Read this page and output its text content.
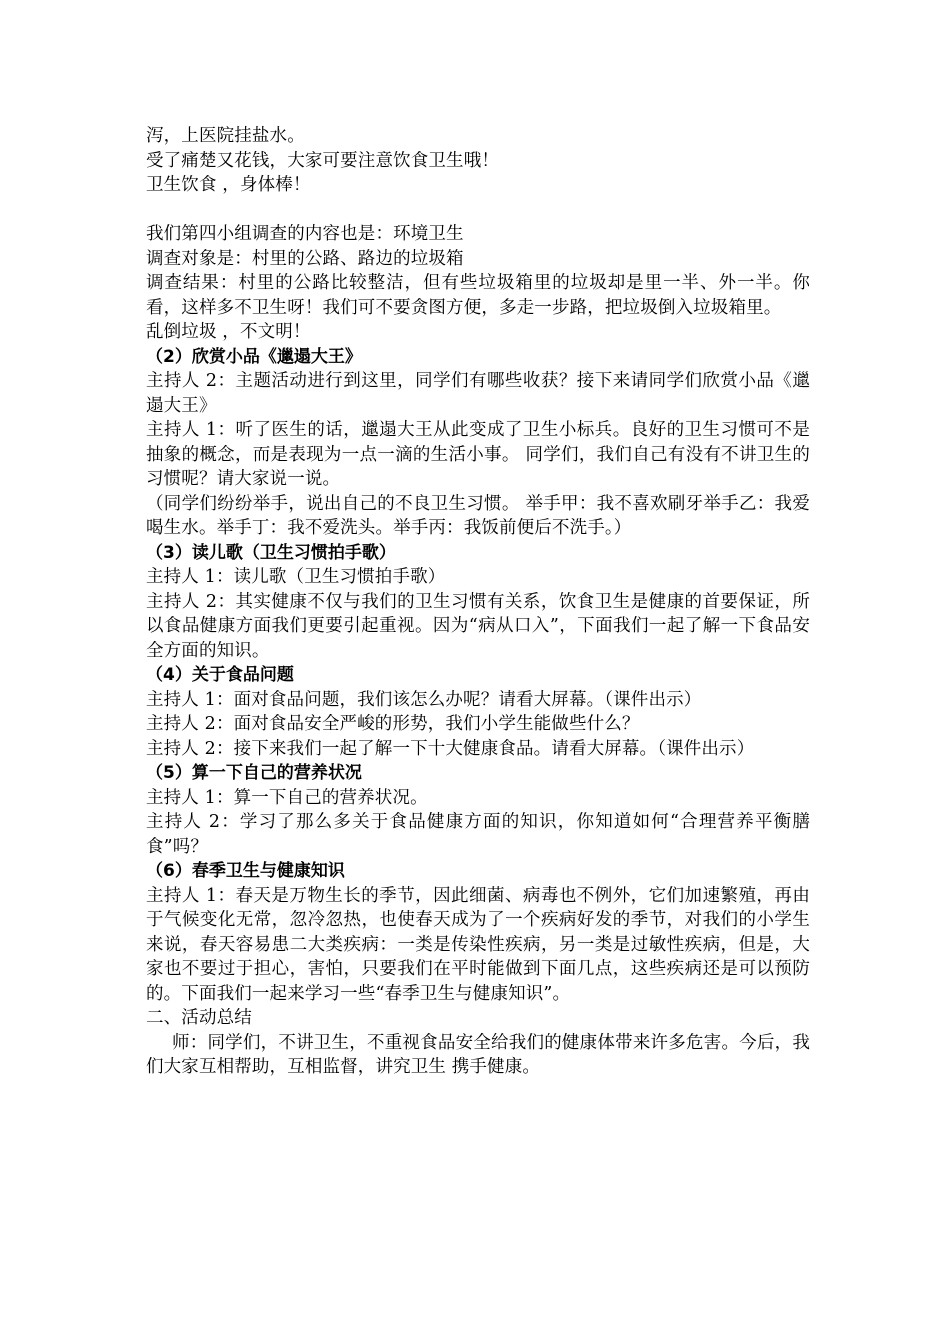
泻，上医院挂盐水。
受了痛楚又花钱，大家可要注意饮食卫生哦！
卫生饮食 ，身体棒！
我们第四小组调查的内容也是：环境卫生
调查对象是：村里的公路、路边的垃圾箱
调查结果：村里的公路比较整洁，但有些垃圾箱里的垃圾却是里一半、外一半。你看，这样多不卫生呀！我们可不要贪图方便，多走一步路，把垃圾倒入垃圾箱里。
乱倒垃圾 ，不文明！
（2）欣赏小品《邋遢大王》
主持人 2：主题活动进行到这里，同学们有哪些收获？接下来请同学们欣赏小品《邋遢大王》
主持人 1：听了医生的话，邋遢大王从此变成了卫生小标兵。良好的卫生习惯可不是抽象的概念，而是表现为一点一滴的生活小事。 同学们，我们自己有没有不讲卫生的习惯呢？请大家说一说。
（同学们纷纷举手，说出自己的不良卫生习惯。 举手甲：我不喜欢刷牙举手乙：我爱喝生水。举手丁：我不爱洗头。举手丙：我饭前便后不洗手。）
（3）读儿歌（卫生习惯拍手歌）
主持人 1：读儿歌（卫生习惯拍手歌）
主持人 2：其实健康不仅与我们的卫生习惯有关系，饮食卫生是健康的首要保证，所以食品健康方面我们更要引起重视。因为“病从口入”，下面我们一起了解一下食品安全方面的知识。
（4）关于食品问题
主持人 1：面对食品问题，我们该怎么办呢？请看大屏幕。（课件出示）
主持人 2：面对食品安全严峻的形势，我们小学生能做些什么？
主持人 2：接下来我们一起了解一下十大健康食品。请看大屏幕。（课件出示）
（5）算一下自己的营养状况
主持人 1：算一下自己的营养状况。
主持人 2：学习了那么多关于食品健康方面的知识，你知道如何“合理营养平衡膳食”吗？
（6）春季卫生与健康知识
主持人 1：春天是万物生长的季节，因此细菌、病毒也不例外，它们加速繁殖，再由于气候变化无常，忽冷忽热，也使春天成为了一个疾病好发的季节，对我们的小学生来说，春天容易患二大类疾病：一类是传染性疾病，另一类是过敏性疾病，但是，大家也不要过于担心，害怕，只要我们在平时能做到下面几点，这些疾病还是可以预防的。下面我们一起来学习一些“春季卫生与健康知识”。
二、活动总结
师：同学们，不讲卫生，不重视食品安全给我们的健康体带来许多危害。今后，我们大家互相帮助，互相监督，讲究卫生 携手健康。
